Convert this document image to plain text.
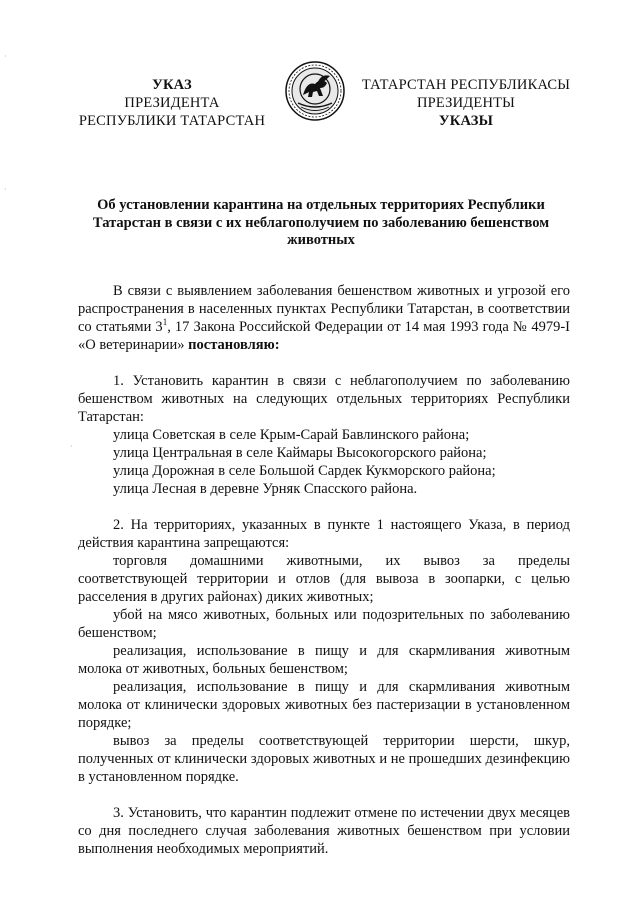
УКАЗ
ПРЕЗИДЕНТА
РЕСПУБЛИКИ ТАТАРСТАН
ТАТАРСТАН РЕСПУБЛИКАСЫ
ПРЕЗИДЕНТЫ
УКАЗЫ
·
·
·
Об установлении карантина на отдельных территориях Республики Татарстан в связи с их неблагополучием по заболеванию бешенством животных

В связи с выявлением заболевания бешенством животных и угрозой его распространения в населенных пунктах Республики Татарстан, в соответствии со статьями $3^1$, 17 Закона Российской Федерации от 14 мая 1993 года № 4979-I «О ветеринарии» постановляю:

1. Установить карантин в связи с неблагополучием по заболеванию бешенством животных на следующих отдельных территориях Республики Татарстан:

улица Советская в селе Крым-Сарай Бавлинского района;

улица Центральная в селе Каймары Высокогорского района;

улица Дорожная в селе Большой Сардек Кукморского района;

улица Лесная в деревне Урняк Спасского района.

2. На территориях, указанных в пункте 1 настоящего Указа, в период действия карантина запрещаются:

торговля домашними животными, их вывоз за пределы

соответствующей территории и отлов (для вывоза в зоопарки, с целью расселения в других районах) диких животных;

убой на мясо животных, больных или подозрительных по заболеванию

бешенством;

реализация, использование в пищу и для скармливания животным

молока от животных, больных бешенством;

реализация, использование в пищу и для скармливания животным

молока от клинически здоровых животных без пастеризации в установленном порядке;

вывоз за пределы соответствующей территории шерсти, шкур,

полученных от клинически здоровых животных и не прошедших дезинфекцию в установленном порядке.

3. Установить, что карантин подлежит отмене по истечении двух месяцев со дня последнего случая заболевания животных бешенством при условии выполнения необходимых мероприятий.
